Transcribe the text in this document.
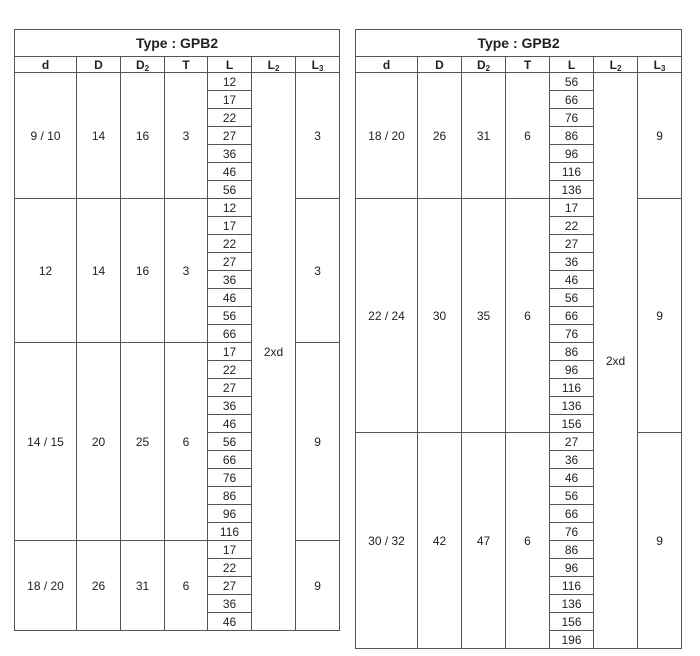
Type : GPB2						
d	D	D2	T	L	L2	L3
9 / 10	14	16	3	12	2xd	3
				17		
				22		
				27		
				36		
				46		
				56		
12	14	16	3	12		3
				17		
				22		
				27		
				36		
				46		
				56		
				66		
14 / 15	20	25	6	17		9
				22		
				27		
				36		
				46		
				56		
				66		
				76		
				86		
				96		
				116		
18 / 20	26	31	6	17		9
				22		
				27		
				36		
				46		
Type : GPB2						
d	D	D2	T	L	L2	L3
18 / 20	26	31	6	56	2xd	9
				66		
				76		
				86		
				96		
				116		
				136		
22 / 24	30	35	6	17		9
				22		
				27		
				36		
				46		
				56		
				66		
				76		
				86		
				96		
				116		
				136		
				156		
30 / 32	42	47	6	27		9
				36		
				46		
				56		
				66		
				76		
				86		
				96		
				116		
				136		
				156		
				196		
